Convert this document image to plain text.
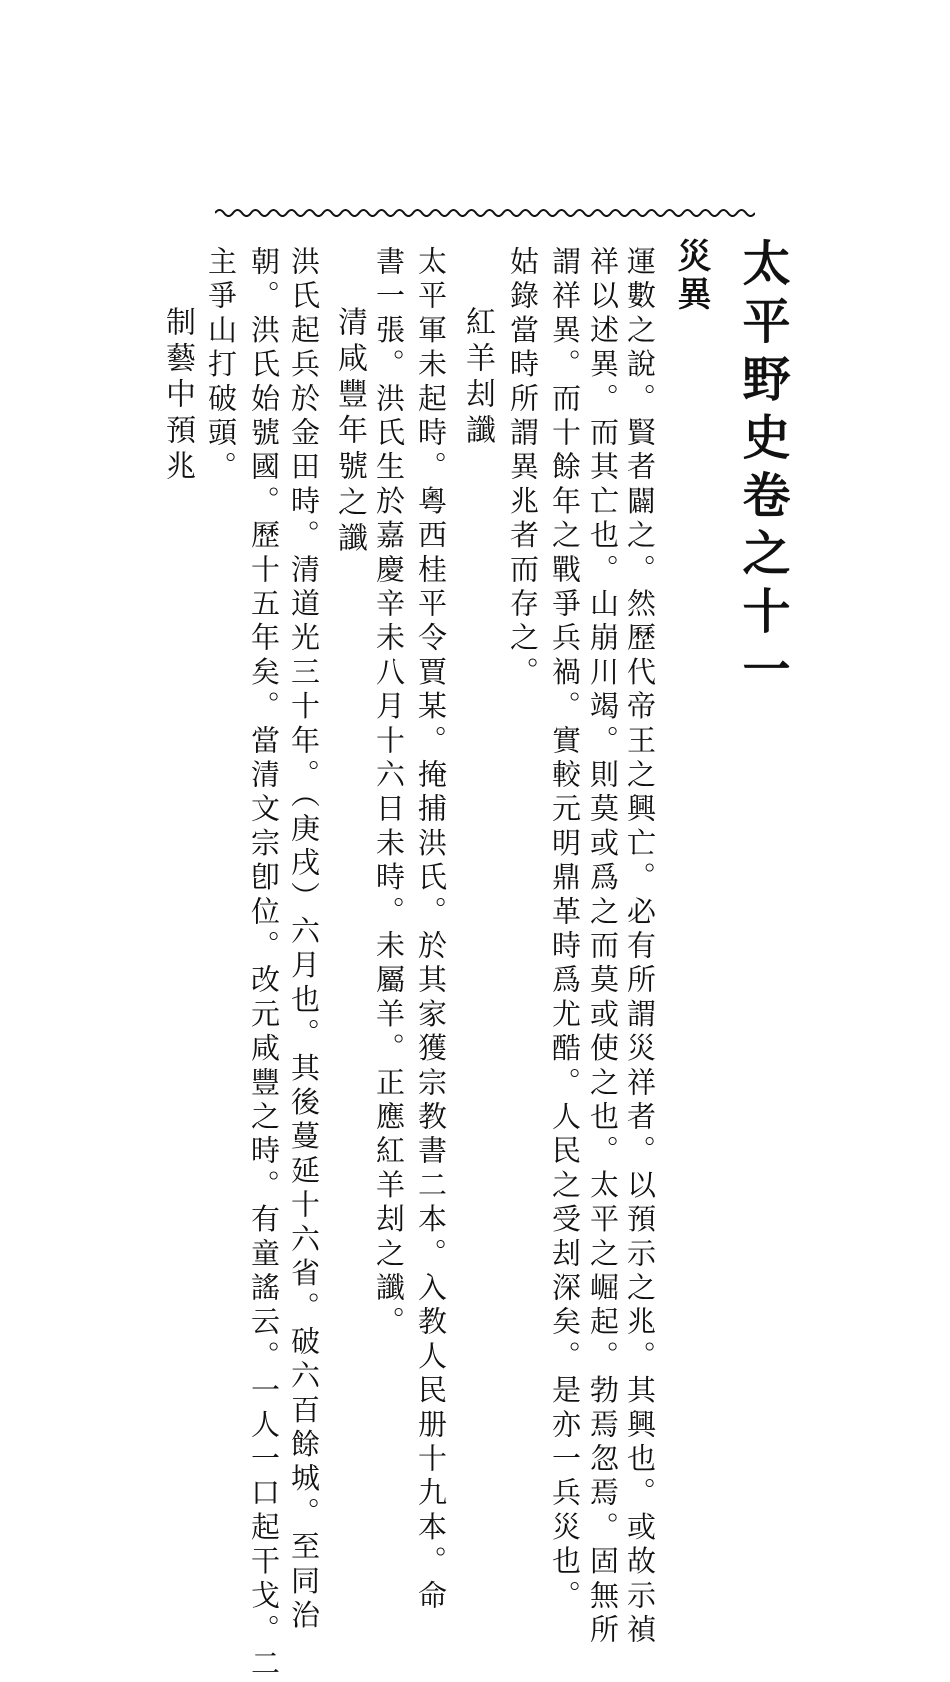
太平野史卷之十一
災異
運數之說。賢者闢之。然歷代帝王之興亡。必有所謂災祥者。以預示之兆。其興也。或故示禎
祥以述異。而其亡也。山崩川竭。則莫或爲之而莫或使之也。太平之崛起。勃焉忽焉。固無所
謂祥異。而十餘年之戰爭兵禍。實較元明鼎革時爲尤酷。人民之受刦深矣。是亦一兵災也。
姑錄當時所謂異兆者而存之。
紅羊刦讖
太平軍未起時。粵西桂平令賈某。掩捕洪氏。於其家獲宗教書二本。入教人民册十九本。命
書一張。洪氏生於嘉慶辛未八月十六日未時。未屬羊。正應紅羊刦之讖。
清咸豐年號之讖
洪氏起兵於金田時。清道光三十年。（庚戌）六月也。其後蔓延十六省。破六百餘城。至同治
朝。洪氏始號國。歷十五年矣。當清文宗卽位。改元咸豐之時。有童謠云。一人一口起干戈。二
主爭山打破頭。
制藝中預兆
